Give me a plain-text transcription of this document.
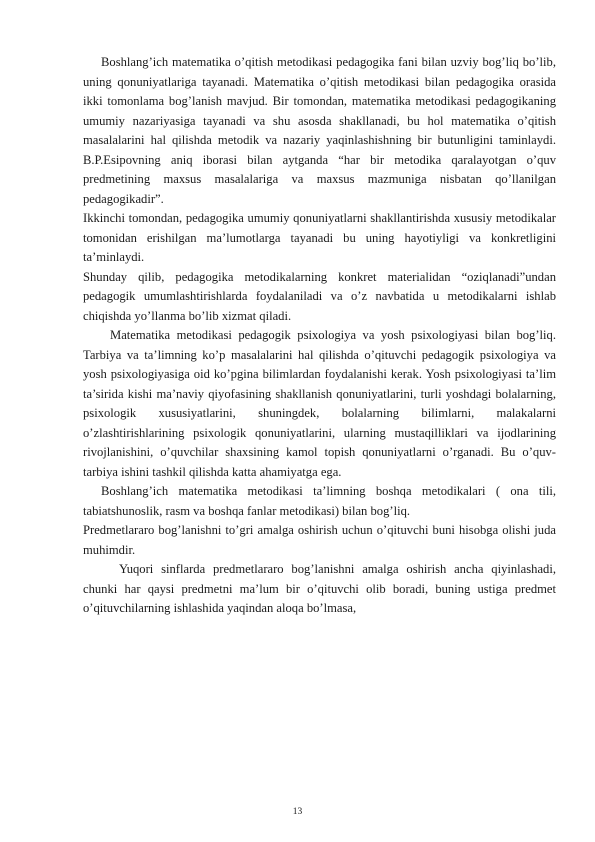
Boshlang’ich matematika o’qitish metodikasi pedagogika fani bilan uzviy bog’liq bo’lib, uning qonuniyatlariga tayanadi. Matematika o’qitish metodikasi bilan pedagogika orasida ikki tomonlama bog’lanish mavjud. Bir tomondan, matematika metodikasi pedagogikaning umumiy nazariyasiga tayanadi va shu asosda shakllanadi, bu hol matematika o’qitish masalalarini hal qilishda metodik va nazariy yaqinlashishning bir butunligini taminlaydi. B.P.Esipovning aniq iborasi bilan aytganda “har bir metodika qaralayotgan o’quv predmetining maxsus masalalariga va maxsus mazmuniga nisbatan qo’llanilgan pedagogikadir”.

Ikkinchi tomondan, pedagogika umumiy qonuniyatlarni shakllantirishda xususiy metodikalar tomonidan erishilgan ma’lumotlarga tayanadi bu uning hayotiyligi va konkretligini ta’minlaydi.

Shunday qilib, pedagogika metodikalarning konkret materialidan “oziqlanadi”undan pedagogik umumlashtirishlarda foydalaniladi va o’z navbatida u metodikalarni ishlab chiqishda yo’llanma bo’lib xizmat qiladi.

Matematika metodikasi pedagogik psixologiya va yosh psixologiyasi bilan bog’liq. Tarbiya va ta’limning ko’p masalalarini hal qilishda o’qituvchi pedagogik psixologiya va yosh psixologiyasiga oid ko’pgina bilimlardan foydalanishi kerak. Yosh psixologiyasi ta’lim ta’sirida kishi ma’naviy qiyofasining shakllanish qonuniyatlarini, turli yoshdagi bolalarning, psixologik xususiyatlarini, shuningdek, bolalarning bilimlarni, malakalarni o’zlashtirishlarining psixologik qonuniyatlarini, ularning mustaqilliklari va ijodlarining rivojlanishini, o’quvchilar shaxsining kamol topish qonuniyatlarni o’rganadi. Bu o’quv- tarbiya ishini tashkil qilishda katta ahamiyatga ega.

Boshlang’ich matematika metodikasi ta’limning boshqa metodikalari ( ona tili, tabiatshunoslik, rasm va boshqa fanlar metodikasi) bilan bog’liq.

Predmetlararo bog’lanishni to’gri amalga oshirish uchun o’qituvchi buni hisobga olishi juda muhimdir.

Yuqori sinflarda predmetlararo bog’lanishni amalga oshirish ancha qiyinlashadi, chunki har qaysi predmetni ma’lum bir o’qituvchi olib boradi, buning ustiga predmet o’qituvchilarning ishlashida yaqindan aloqa bo’lmasa,

13
